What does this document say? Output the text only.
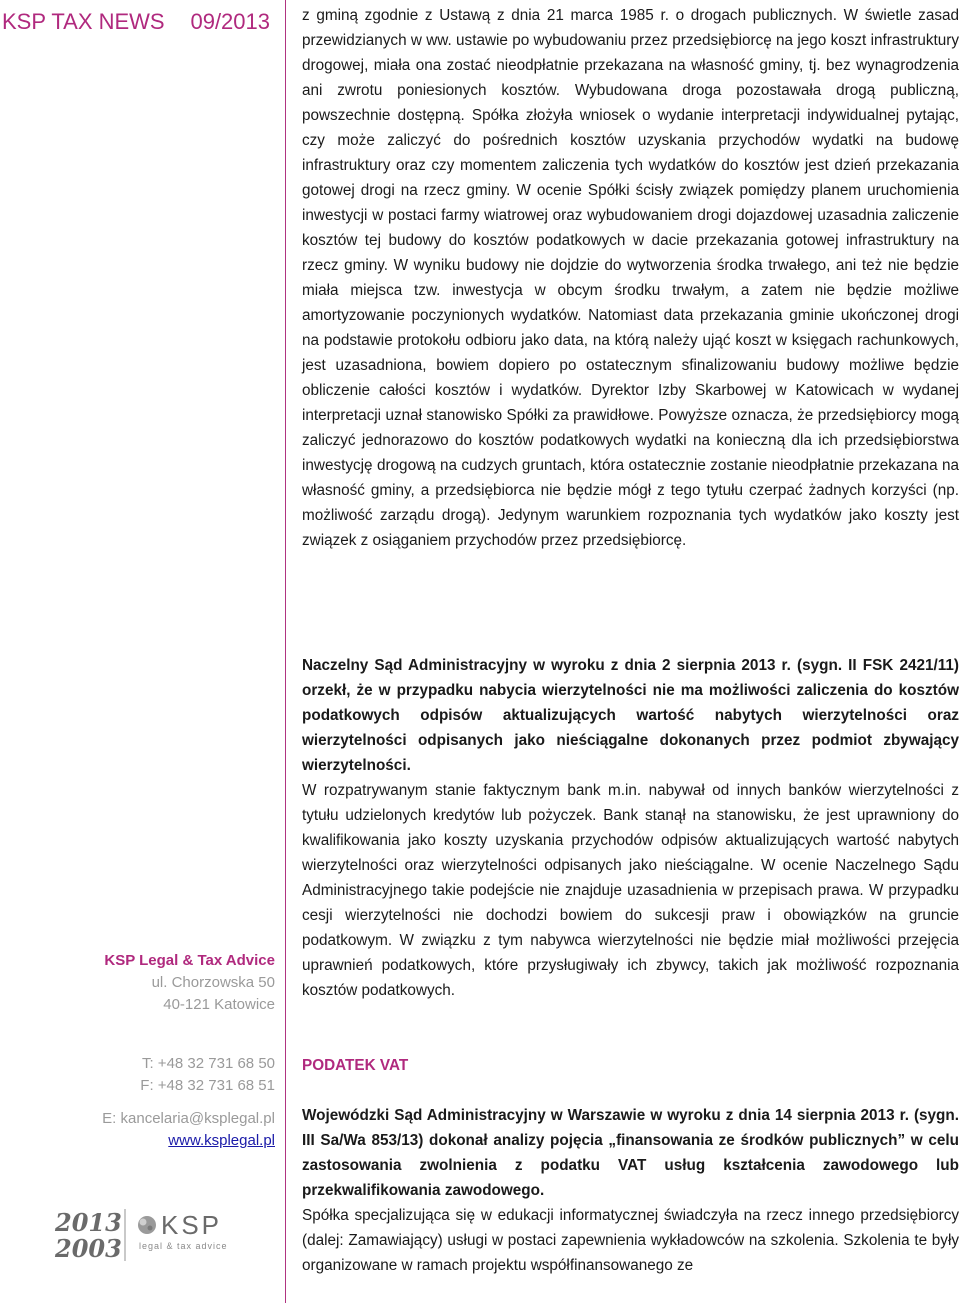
KSP TAX NEWS 09/2013
KSP Legal & Tax Advice
ul. Chorzowska 50
40-121 Katowice
T: +48 32 731 68 50
F: +48 32 731 68 51
E: kancelaria@ksplegal.pl
www.ksplegal.pl
2013
2003
KSP
legal & tax advice

z gminą zgodnie z Ustawą z dnia 21 marca 1985 r. o drogach publicznych. W świetle zasad przewidzianych w ww. ustawie po wybudowaniu przez przedsiębiorcę na jego koszt infrastruktury drogowej, miała ona zostać nieodpłatnie przekazana na własność gminy, tj. bez wynagrodzenia ani zwrotu poniesionych kosztów. Wybudowana droga pozostawała drogą publiczną, powszechnie dostępną. Spółka złożyła wniosek o wydanie interpretacji indywidualnej pytając, czy może zaliczyć do pośrednich kosztów uzyskania przychodów wydatki na budowę infrastruktury oraz czy momentem zaliczenia tych wydatków do kosztów jest dzień przekazania gotowej drogi na rzecz gminy. W ocenie Spółki ścisły związek pomiędzy planem uruchomienia inwestycji w postaci farmy wiatrowej oraz wybudowaniem drogi dojazdowej uzasadnia zaliczenie kosztów tej budowy do kosztów podatkowych w dacie przekazania gotowej infrastruktury na rzecz gminy. W wyniku budowy nie dojdzie do wytworzenia środka trwałego, ani też nie będzie miała miejsca tzw. inwestycja w obcym środku trwałym, a zatem nie będzie możliwe amortyzowanie poczynionych wydatków. Natomiast data przekazania gminie ukończonej drogi na podstawie protokołu odbioru jako data, na którą należy ująć koszt w księgach rachunkowych, jest uzasadniona, bowiem dopiero po ostatecznym sfinalizowaniu budowy możliwe będzie obliczenie całości kosztów i wydatków. Dyrektor Izby Skarbowej w Katowicach w wydanej interpretacji uznał stanowisko Spółki za prawidłowe. Powyższe oznacza, że przedsiębiorcy mogą zaliczyć jednorazowo do kosztów podatkowych wydatki na konieczną dla ich przedsiębiorstwa inwestycję drogową na cudzych gruntach, która ostatecznie zostanie nieodpłatnie przekazana na własność gminy, a przedsiębiorca nie będzie mógł z tego tytułu czerpać żadnych korzyści (np. możliwość zarządu drogą). Jedynym warunkiem rozpoznania tych wydatków jako koszty jest związek z osiąganiem przychodów przez przedsiębiorcę.

Naczelny Sąd Administracyjny w wyroku z dnia 2 sierpnia 2013 r. (sygn. II FSK 2421/11) orzekł, że w przypadku nabycia wierzytelności nie ma możliwości zaliczenia do kosztów podatkowych odpisów aktualizujących wartość nabytych wierzytelności oraz wierzytelności odpisanych jako nieściągalne dokonanych przez podmiot zbywający wierzytelności.

W rozpatrywanym stanie faktycznym bank m.in. nabywał od innych banków wierzytelności z tytułu udzielonych kredytów lub pożyczek. Bank stanął na stanowisku, że jest uprawniony do kwalifikowania jako koszty uzyskania przychodów odpisów aktualizujących wartość nabytych wierzytelności oraz wierzytelności odpisanych jako nieściągalne. W ocenie Naczelnego Sądu Administracyjnego takie podejście nie znajduje uzasadnienia w przepisach prawa. W przypadku cesji wierzytelności nie dochodzi bowiem do sukcesji praw i obowiązków na gruncie podatkowym. W związku z tym nabywca wierzytelności nie będzie miał możliwości przejęcia uprawnień podatkowych, które przysługiwały ich zbywcy, takich jak możliwość rozpoznania kosztów podatkowych.

PODATEK VAT

Wojewódzki Sąd Administracyjny w Warszawie w wyroku z dnia 14 sierpnia 2013 r. (sygn. III Sa/Wa 853/13) dokonał analizy pojęcia „finansowania ze środków publicznych” w celu zastosowania zwolnienia z podatku VAT usług kształcenia zawodowego lub przekwalifikowania zawodowego.

Spółka specjalizująca się w edukacji informatycznej świadczyła na rzecz innego przedsiębiorcy (dalej: Zamawiający) usługi w postaci zapewnienia wykładowców na szkolenia. Szkolenia te były organizowane w ramach projektu współfinansowanego ze
